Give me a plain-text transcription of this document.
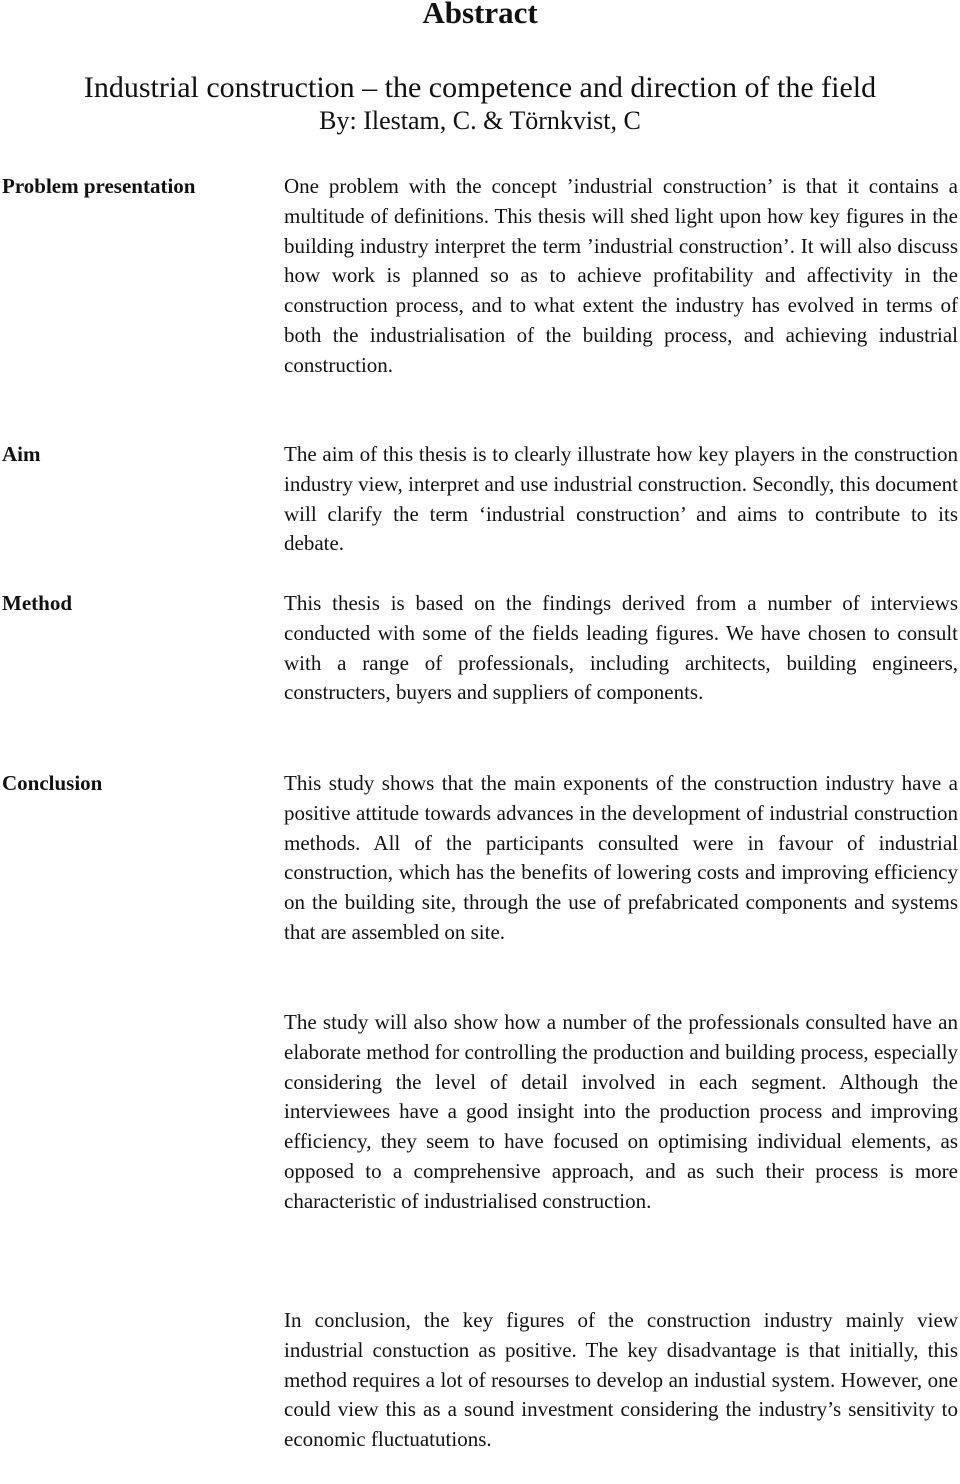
Abstract
Industrial construction – the competence and direction of the field
By: Ilestam, C. & Törnkvist, C
Problem presentation	One problem with the concept ’industrial construction’ is that it contains a multitude of definitions. This thesis will shed light upon how key figures in the building industry interpret the term ’industrial construction’. It will also discuss how work is planned so as to achieve profitability and affectivity in the construction process, and to what extent the industry has evolved in terms of both the industrialisation of the building process, and achieving industrial construction.

Aim	The aim of this thesis is to clearly illustrate how key players in the construction industry view, interpret and use industrial construction. Secondly, this document will clarify the term ‘industrial construction’ and aims to contribute to its debate.

Method	This thesis is based on the findings derived from a number of interviews conducted with some of the fields leading figures. We have chosen to consult with a range of professionals, including architects, building engineers, constructers, buyers and suppliers of components.

Conclusion	This study shows that the main exponents of the construction industry have a positive attitude towards advances in the development of industrial construction methods. All of the participants consulted were in favour of industrial construction, which has the benefits of lowering costs and improving efficiency on the building site, through the use of prefabricated components and systems that are assembled on site.

The study will also show how a number of the professionals consulted have an elaborate method for controlling the production and building process, especially considering the level of detail involved in each segment. Although the interviewees have a good insight into the production process and improving efficiency, they seem to have focused on optimising individual elements, as opposed to a comprehensive approach, and as such their process is more characteristic of industrialised construction.

In conclusion, the key figures of the construction industry mainly view industrial constuction as positive. The key disadvantage is that initially, this method requires a lot of resourses to develop an industial system. However, one could view this as a sound investment considering the industry’s sensitivity to economic fluctuatutions.
